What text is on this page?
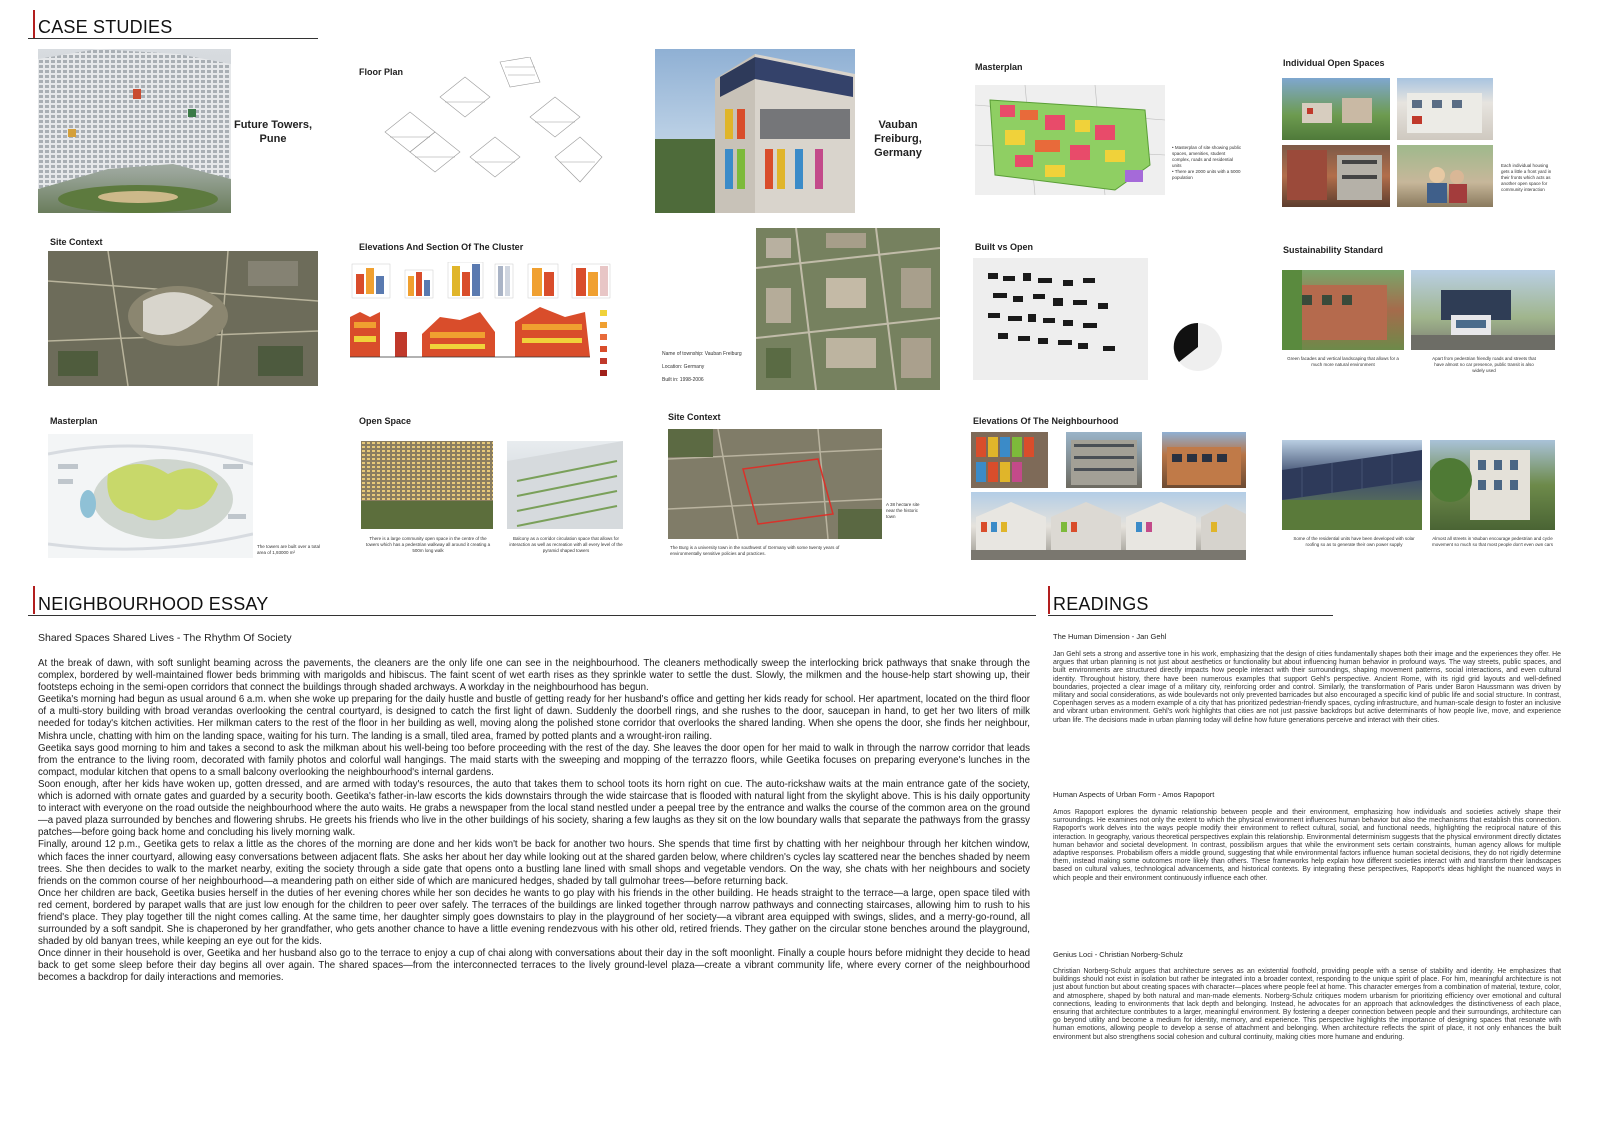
CASE STUDIES
Future Towers,
Pune
Floor Plan
Vauban
Freiburg,
Germany
Masterplan
• Masterplan of site showing public spaces, amenities, student complex, roads and residential units
• There are 2000 units with a 5000 population
Individual Open Spaces
Each individual housing gets a little a front yard in their fronts which acts as another open space for community interaction
Site Context	Elevations And Section Of The Cluster
Name of township: Vauban Freiburg
Location: Germany
Built in: 1998-2006
Built vs Open	Sustainability Standard
Green facades and vertical landscaping that allows for a much more natural environment
Apart from pedestrian friendly roads and streets that have almost no car presence, public transit is also widely used
Masterplan
The towers are built over a total area of 1,93000 m²
Open Space
There is a large community open space in the centre of the towers which has a pedestrian walkway all around it creating a 500m long walk
Balcony as a corridor circulation space that allows for interaction as well as recreation with all every level of the pyramid shaped towers
Site Context
A 38 hectare site near the historic town
The Burg is a university town in the southwest of Germany with some twenty years of environmentally sensitive policies and practices.
Elevations Of The Neighbourhood
Some of the residential units have been developed with solar roofing so as to generate their own power supply
Almost all streets in Vauban encourage pedestrian and cycle movement so much so that most people don't even own cars
NEIGHBOURHOOD ESSAY
Shared Spaces Shared Lives - The Rhythm Of Society

At the break of dawn, with soft sunlight beaming across the pavements, the cleaners are the only life one can see in the neighbourhood. The cleaners methodically sweep the interlocking brick pathways that snake through the complex, bordered by well-maintained flower beds brimming with marigolds and hibiscus. The faint scent of wet earth rises as they sprinkle water to settle the dust. Slowly, the milkmen and the house-help start showing up, their footsteps echoing in the semi-open corridors that connect the buildings through shaded archways. A workday in the neighbourhood has begun.

Geetika's morning had begun as usual around 6 a.m. when she woke up preparing for the daily hustle and bustle of getting ready for her husband's office and getting her kids ready for school. Her apartment, located on the third floor of a multi-story building with broad verandas overlooking the central courtyard, is designed to catch the first light of dawn. Suddenly the doorbell rings, and she rushes to the door, saucepan in hand, to get her two liters of milk needed for today's kitchen activities. Her milkman caters to the rest of the floor in her building as well, moving along the polished stone corridor that overlooks the shared landing. When she opens the door, she finds her neighbour, Mishra uncle, chatting with him on the landing space, waiting for his turn. The landing is a small, tiled area, framed by potted plants and a wrought-iron railing.

Geetika says good morning to him and takes a second to ask the milkman about his well-being too before proceeding with the rest of the day. She leaves the door open for her maid to walk in through the narrow corridor that leads from the entrance to the living room, decorated with family photos and colorful wall hangings. The maid starts with the sweeping and mopping of the terrazzo floors, while Geetika focuses on preparing everyone's lunches in the compact, modular kitchen that opens to a small balcony overlooking the neighbourhood's internal gardens.

Soon enough, after her kids have woken up, gotten dressed, and are armed with today's resources, the auto that takes them to school toots its horn right on cue. The auto-rickshaw waits at the main entrance gate of the society, which is adorned with ornate gates and guarded by a security booth. Geetika's father-in-law escorts the kids downstairs through the wide staircase that is flooded with natural light from the skylight above. This is his daily opportunity to interact with everyone on the road outside the neighbourhood where the auto waits. He grabs a newspaper from the local stand nestled under a peepal tree by the entrance and walks the course of the common area on the ground—a paved plaza surrounded by benches and flowering shrubs. He greets his friends who live in the other buildings of his society, sharing a few laughs as they sit on the low boundary walls that separate the pathways from the grassy patches—before going back home and concluding his lively morning walk.

Finally, around 12 p.m., Geetika gets to relax a little as the chores of the morning are done and her kids won't be back for another two hours. She spends that time first by chatting with her neighbour through her kitchen window, which faces the inner courtyard, allowing easy conversations between adjacent flats. She asks her about her day while looking out at the shared garden below, where children's cycles lay scattered near the benches shaded by neem trees. She then decides to walk to the market nearby, exiting the society through a side gate that opens onto a bustling lane lined with small shops and vegetable vendors. On the way, she chats with her neighbours and society friends on the common course of her neighbourhood—a meandering path on either side of which are manicured hedges, shaded by tall gulmohar trees—before returning back.

Once her children are back, Geetika busies herself in the duties of her evening chores while her son decides he wants to go play with his friends in the other building. He heads straight to the terrace—a large, open space tiled with red cement, bordered by parapet walls that are just low enough for the children to peer over safely. The terraces of the buildings are linked together through narrow pathways and connecting staircases, allowing him to rush to his friend's place. They play together till the night comes calling. At the same time, her daughter simply goes downstairs to play in the playground of her society—a vibrant area equipped with swings, slides, and a merry-go-round, all surrounded by a soft sandpit. She is chaperoned by her grandfather, who gets another chance to have a little evening rendezvous with his other old, retired friends. They gather on the circular stone benches around the playground, shaded by old banyan trees, while keeping an eye out for the kids.

Once dinner in their household is over, Geetika and her husband also go to the terrace to enjoy a cup of chai along with conversations about their day in the soft moonlight. Finally a couple hours before midnight they decide to head back to get some sleep before their day begins all over again. The shared spaces—from the interconnected terraces to the lively ground-level plaza—create a vibrant community life, where every corner of the neighbourhood becomes a backdrop for daily interactions and memories.

READINGS
The Human Dimension - Jan Gehl
Jan Gehl sets a strong and assertive tone in his work, emphasizing that the design of cities fundamentally shapes both their image and the experiences they offer. He argues that urban planning is not just about aesthetics or functionality but about influencing human behavior in profound ways. The way streets, public spaces, and built environments are structured directly impacts how people interact with their surroundings, shaping movement patterns, social interactions, and even cultural identity. Throughout history, there have been numerous examples that support Gehl's perspective. Ancient Rome, with its rigid grid layouts and well-defined boundaries, projected a clear image of a military city, reinforcing order and control. Similarly, the transformation of Paris under Baron Haussmann was driven by military and social considerations, as wide boulevards not only prevented barricades but also encouraged a specific kind of public life and social structure. In contrast, Copenhagen serves as a modern example of a city that has prioritized pedestrian-friendly spaces, cycling infrastructure, and human-scale design to foster an inclusive and vibrant urban environment. Gehl's work highlights that cities are not just passive backdrops but active determinants of how people live, move, and experience urban life. The decisions made in urban planning today will define how future generations perceive and interact with their cities.
Human Aspects of Urban Form - Amos Rapoport
Amos Rapoport explores the dynamic relationship between people and their environment, emphasizing how individuals and societies actively shape their surroundings. He examines not only the extent to which the physical environment influences human behavior but also the mechanisms that establish this connection. Rapoport's work delves into the ways people modify their environment to reflect cultural, social, and functional needs, highlighting the reciprocal nature of this interaction. In geography, various theoretical perspectives explain this relationship. Environmental determinism suggests that the physical environment directly dictates human behavior and societal development. In contrast, possibilism argues that while the environment sets certain constraints, human agency allows for multiple adaptive responses. Probabilism offers a middle ground, suggesting that while environmental factors influence human societal decisions, they do not rigidly determine them, instead making some outcomes more likely than others. These frameworks help explain how different societies interact with and transform their landscapes based on cultural values, technological advancements, and historical contexts. By integrating these perspectives, Rapoport's ideas highlight the nuanced ways in which people and their environment continuously influence each other.
Genius Loci - Christian Norberg-Schulz
Christian Norberg-Schulz argues that architecture serves as an existential foothold, providing people with a sense of stability and identity. He emphasizes that buildings should not exist in isolation but rather be integrated into a broader context, responding to the unique spirit of place. For him, meaningful architecture is not just about function but about creating spaces with character—places where people feel at home. This character emerges from a combination of material, texture, color, and atmosphere, shaped by both natural and man-made elements. Norberg-Schulz critiques modern urbanism for prioritizing efficiency over emotional and cultural connections, leading to environments that lack depth and belonging. Instead, he advocates for an approach that acknowledges the distinctiveness of each place, ensuring that architecture contributes to a larger, meaningful environment. By fostering a deeper connection between people and their surroundings, architecture can go beyond utility and become a medium for identity, memory, and experience. This perspective highlights the importance of designing spaces that resonate with human emotions, allowing people to develop a sense of attachment and belonging. When architecture reflects the spirit of place, it not only enhances the built environment but also strengthens social cohesion and cultural continuity, making cities more humane and enduring.
